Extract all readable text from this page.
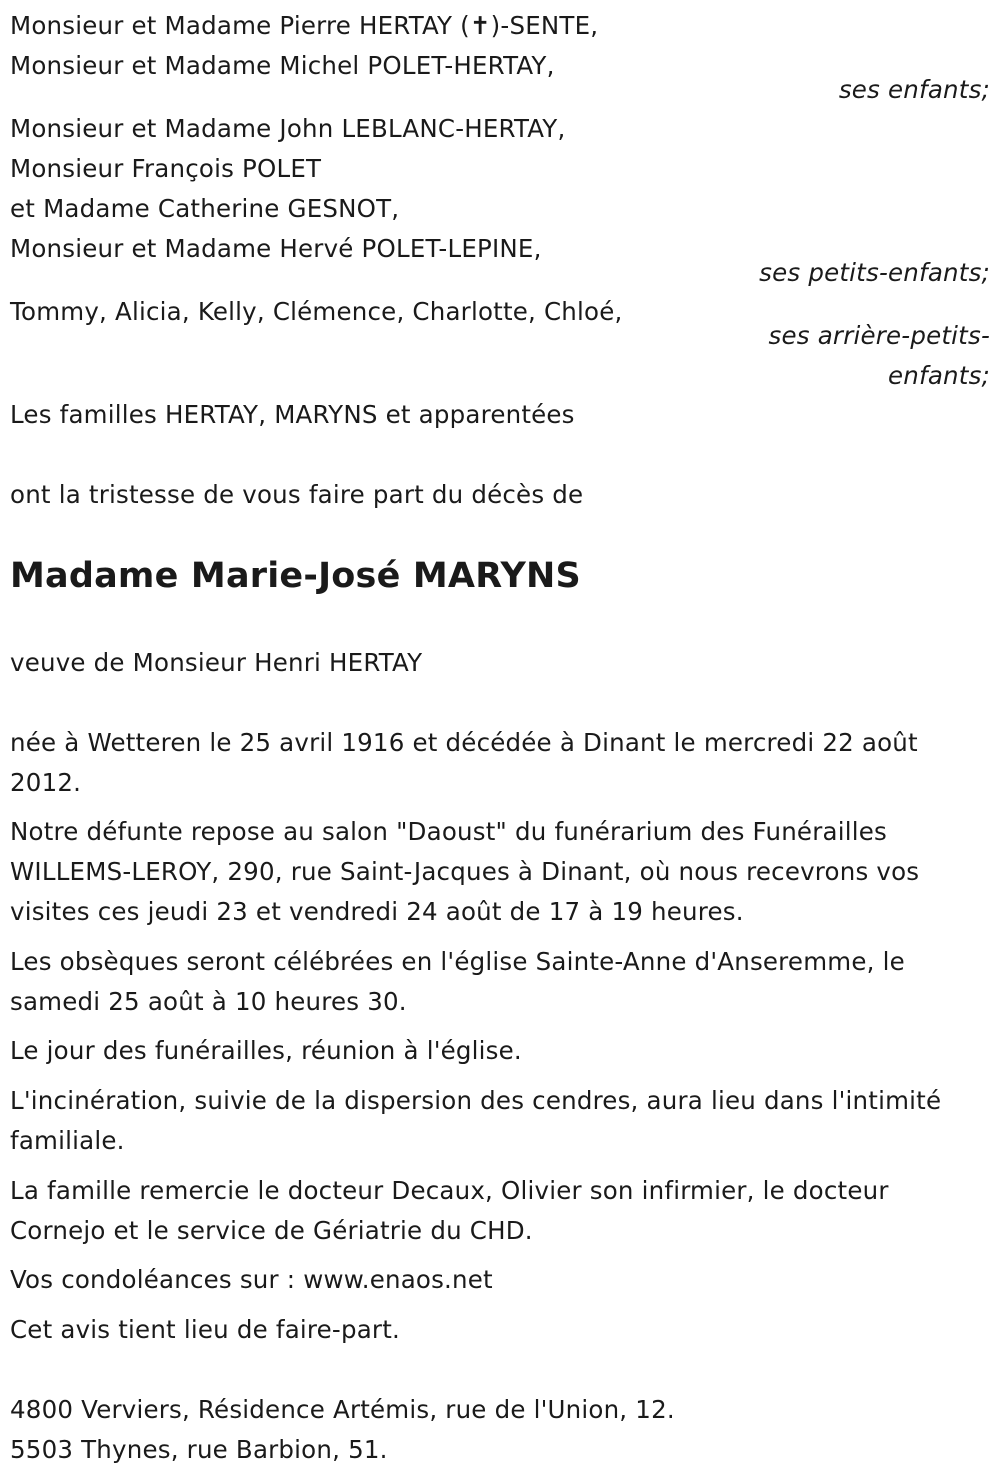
Monsieur et Madame Pierre HERTAY (✝)-SENTE,
Monsieur et Madame Michel POLET-HERTAY,
ses enfants;
Monsieur et Madame John LEBLANC-HERTAY,
Monsieur François POLET
et Madame Catherine GESNOT,
Monsieur et Madame Hervé POLET-LEPINE,
ses petits-enfants;
Tommy, Alicia, Kelly, Clémence, Charlotte, Chloé,
ses arrière-petits-
enfants;
Les familles HERTAY, MARYNS et apparentées
ont la tristesse de vous faire part du décès de
Madame Marie-José MARYNS
veuve de Monsieur Henri HERTAY
née à Wetteren le 25 avril 1916 et décédée à Dinant le mercredi 22 août 2012.
Notre défunte repose au salon "Daoust" du funérarium des Funérailles WILLEMS-LEROY, 290, rue Saint-Jacques à Dinant, où nous recevrons vos visites ces jeudi 23 et vendredi 24 août de 17 à 19 heures.
Les obsèques seront célébrées en l'église Sainte-Anne d'Anseremme, le samedi 25 août à 10 heures 30.
Le jour des funérailles, réunion à l'église.
L'incinération, suivie de la dispersion des cendres, aura lieu dans l'intimité familiale.
La famille remercie le docteur Decaux, Olivier son infirmier, le docteur Cornejo et le service de Gériatrie du CHD.
Vos condoléances sur : www.enaos.net
Cet avis tient lieu de faire-part.
4800 Verviers, Résidence Artémis, rue de l'Union, 12.
5503 Thynes, rue Barbion, 51.
